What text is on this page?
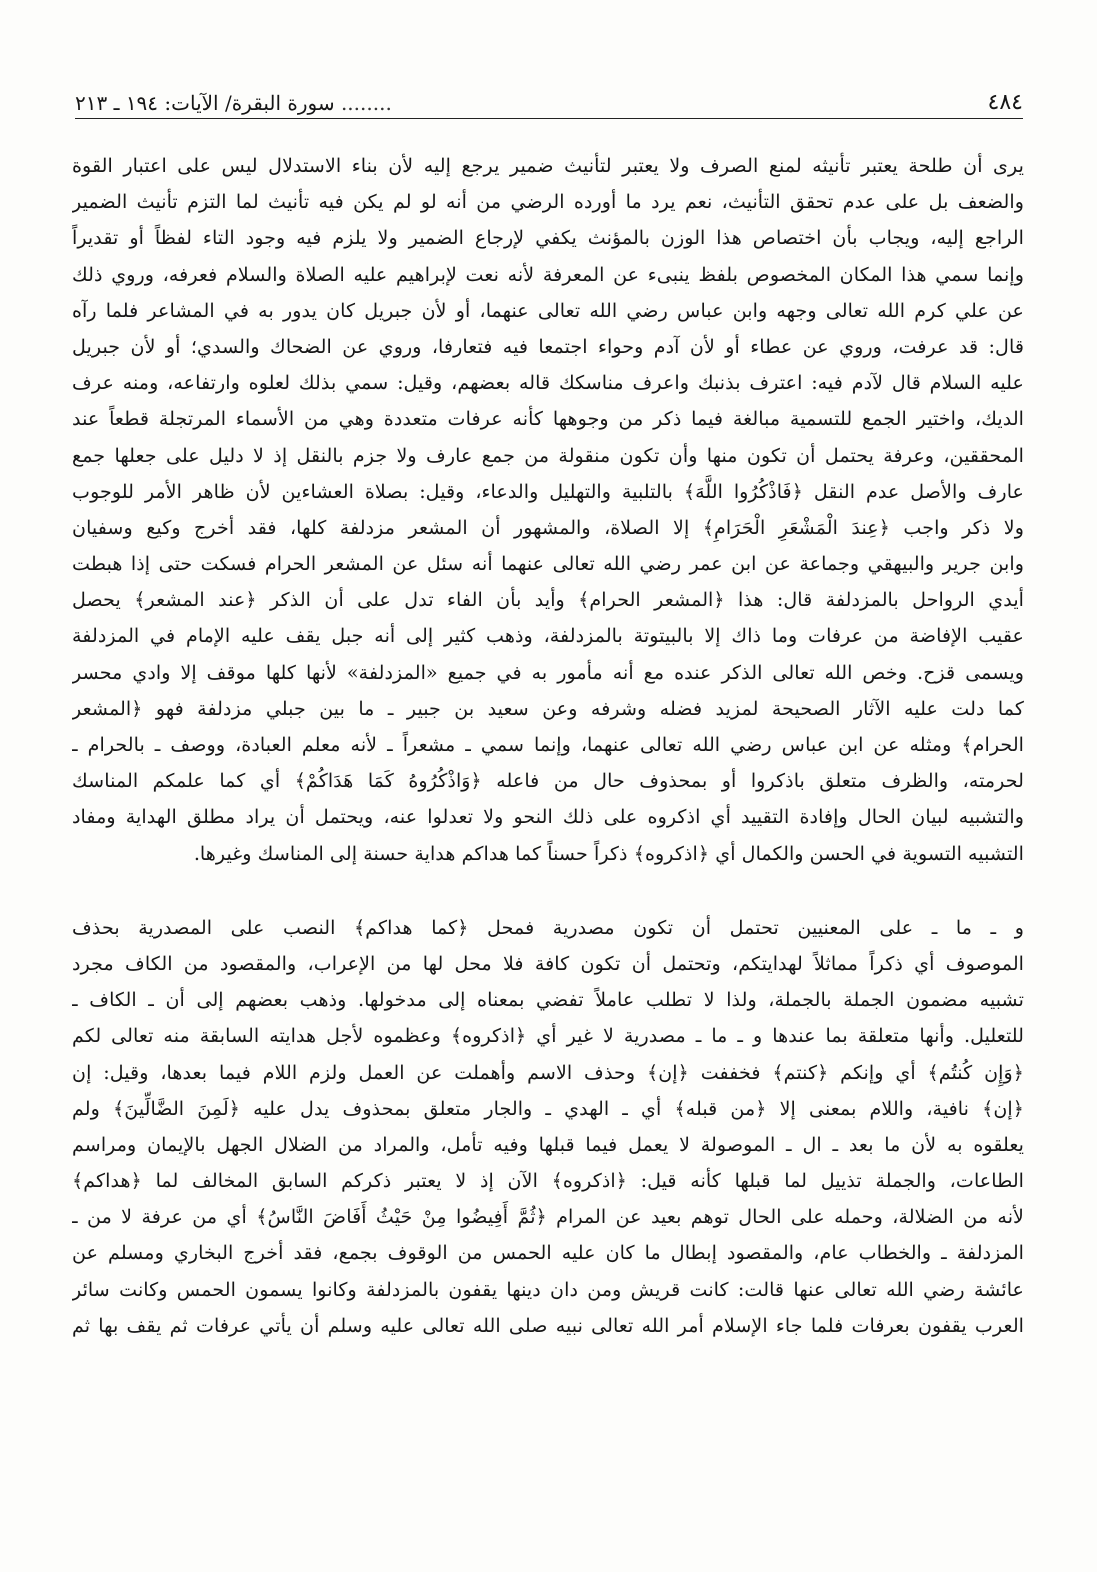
٤٨٤
........ سورة البقرة/ الآيات: ١٩٤ ـ ٢١٣
يرى أن طلحة يعتبر تأنيثه لمنع الصرف ولا يعتبر لتأنيث ضمير يرجع إليه لأن بناء الاستدلال ليس على اعتبار القوة
والضعف بل على عدم تحقق التأنيث، نعم يرد ما أورده الرضي من أنه لو لم يكن فيه تأنيث لما التزم تأنيث الضمير
الراجع إليه، ويجاب بأن اختصاص هذا الوزن بالمؤنث يكفي لإرجاع الضمير ولا يلزم فيه وجود التاء لفظاً أو تقديراً
وإنما سمي هذا المكان المخصوص بلفظ ينبىء عن المعرفة لأنه نعت لإبراهيم عليه الصلاة والسلام فعرفه، وروي ذلك
عن علي كرم الله تعالى وجهه وابن عباس رضي الله تعالى عنهما، أو لأن جبريل كان يدور به في المشاعر فلما رآه
قال: قد عرفت، وروي عن عطاء أو لأن آدم وحواء اجتمعا فيه فتعارفا، وروي عن الضحاك والسدي؛ أو لأن جبريل
عليه السلام قال لآدم فيه: اعترف بذنبك واعرف مناسكك قاله بعضهم، وقيل: سمي بذلك لعلوه وارتفاعه، ومنه عرف
الديك، واختير الجمع للتسمية مبالغة فيما ذكر من وجوهها كأنه عرفات متعددة وهي من الأسماء المرتجلة قطعاً عند
المحققين، وعرفة يحتمل أن تكون منها وأن تكون منقولة من جمع عارف ولا جزم بالنقل إذ لا دليل على جعلها جمع
عارف والأصل عدم النقل ﴿فَاذْكُرُوا اللَّهَ﴾ بالتلبية والتهليل والدعاء، وقيل: بصلاة العشاءين لأن ظاهر الأمر للوجوب
ولا ذكر واجب ﴿عِندَ الْمَشْعَرِ الْحَرَامِ﴾ إلا الصلاة، والمشهور أن المشعر مزدلفة كلها، فقد أخرج وكيع وسفيان
وابن جرير والبيهقي وجماعة عن ابن عمر رضي الله تعالى عنهما أنه سئل عن المشعر الحرام فسكت حتى إذا هبطت
أيدي الرواحل بالمزدلفة قال: هذا ﴿المشعر الحرام﴾ وأيد بأن الفاء تدل على أن الذكر ﴿عند المشعر﴾ يحصل
عقيب الإفاضة من عرفات وما ذاك إلا بالبيتوتة بالمزدلفة، وذهب كثير إلى أنه جبل يقف عليه الإمام في المزدلفة
ويسمى قزح. وخص الله تعالى الذكر عنده مع أنه مأمور به في جميع «المزدلفة» لأنها كلها موقف إلا وادي محسر
كما دلت عليه الآثار الصحيحة لمزيد فضله وشرفه وعن سعيد بن جبير ـ ما بين جبلي مزدلفة فهو ﴿المشعر
الحرام﴾ ومثله عن ابن عباس رضي الله تعالى عنهما، وإنما سمي ـ مشعراً ـ لأنه معلم العبادة، ووصف ـ بالحرام ـ
لحرمته، والظرف متعلق باذكروا أو بمحذوف حال من فاعله ﴿وَاذْكُرُوهُ كَمَا هَدَاكُمْ﴾ أي كما علمكم المناسك
والتشبيه لبيان الحال وإفادة التقييد أي اذكروه على ذلك النحو ولا تعدلوا عنه، ويحتمل أن يراد مطلق الهداية ومفاد
التشبيه التسوية في الحسن والكمال أي ﴿اذكروه﴾ ذكراً حسناً كما هداكم هداية حسنة إلى المناسك وغيرها.
و ـ ما ـ على المعنيين تحتمل أن تكون مصدرية فمحل ﴿كما هداكم﴾ النصب على المصدرية بحذف
الموصوف أي ذكراً مماثلاً لهدايتكم، وتحتمل أن تكون كافة فلا محل لها من الإعراب، والمقصود من الكاف مجرد
تشبيه مضمون الجملة بالجملة، ولذا لا تطلب عاملاً تفضي بمعناه إلى مدخولها. وذهب بعضهم إلى أن ـ الكاف ـ
للتعليل. وأنها متعلقة بما عندها و ـ ما ـ مصدرية لا غير أي ﴿اذكروه﴾ وعظموه لأجل هدايته السابقة منه تعالى لكم
﴿وَإِن كُنتُم﴾ أي وإنكم ﴿كنتم﴾ فخففت ﴿إن﴾ وحذف الاسم وأهملت عن العمل ولزم اللام فيما بعدها، وقيل: إن
﴿إن﴾ نافية، واللام بمعنى إلا ﴿من قبله﴾ أي ـ الهدي ـ والجار متعلق بمحذوف يدل عليه ﴿لَمِنَ الضَّالِّينَ﴾ ولم
يعلقوه به لأن ما بعد ـ ال ـ الموصولة لا يعمل فيما قبلها وفيه تأمل، والمراد من الضلال الجهل بالإيمان ومراسم
الطاعات، والجملة تذييل لما قبلها كأنه قيل: ﴿اذكروه﴾ الآن إذ لا يعتبر ذكركم السابق المخالف لما ﴿هداكم﴾
لأنه من الضلالة، وحمله على الحال توهم بعيد عن المرام ﴿ثُمَّ أَفِيضُوا مِنْ حَيْثُ أَفَاضَ النَّاسُ﴾ أي من عرفة لا من ـ
المزدلفة ـ والخطاب عام، والمقصود إبطال ما كان عليه الحمس من الوقوف بجمع، فقد أخرج البخاري ومسلم عن
عائشة رضي الله تعالى عنها قالت: كانت قريش ومن دان دينها يقفون بالمزدلفة وكانوا يسمون الحمس وكانت سائر
العرب يقفون بعرفات فلما جاء الإسلام أمر الله تعالى نبيه صلى الله تعالى عليه وسلم أن يأتي عرفات ثم يقف بها ثم
